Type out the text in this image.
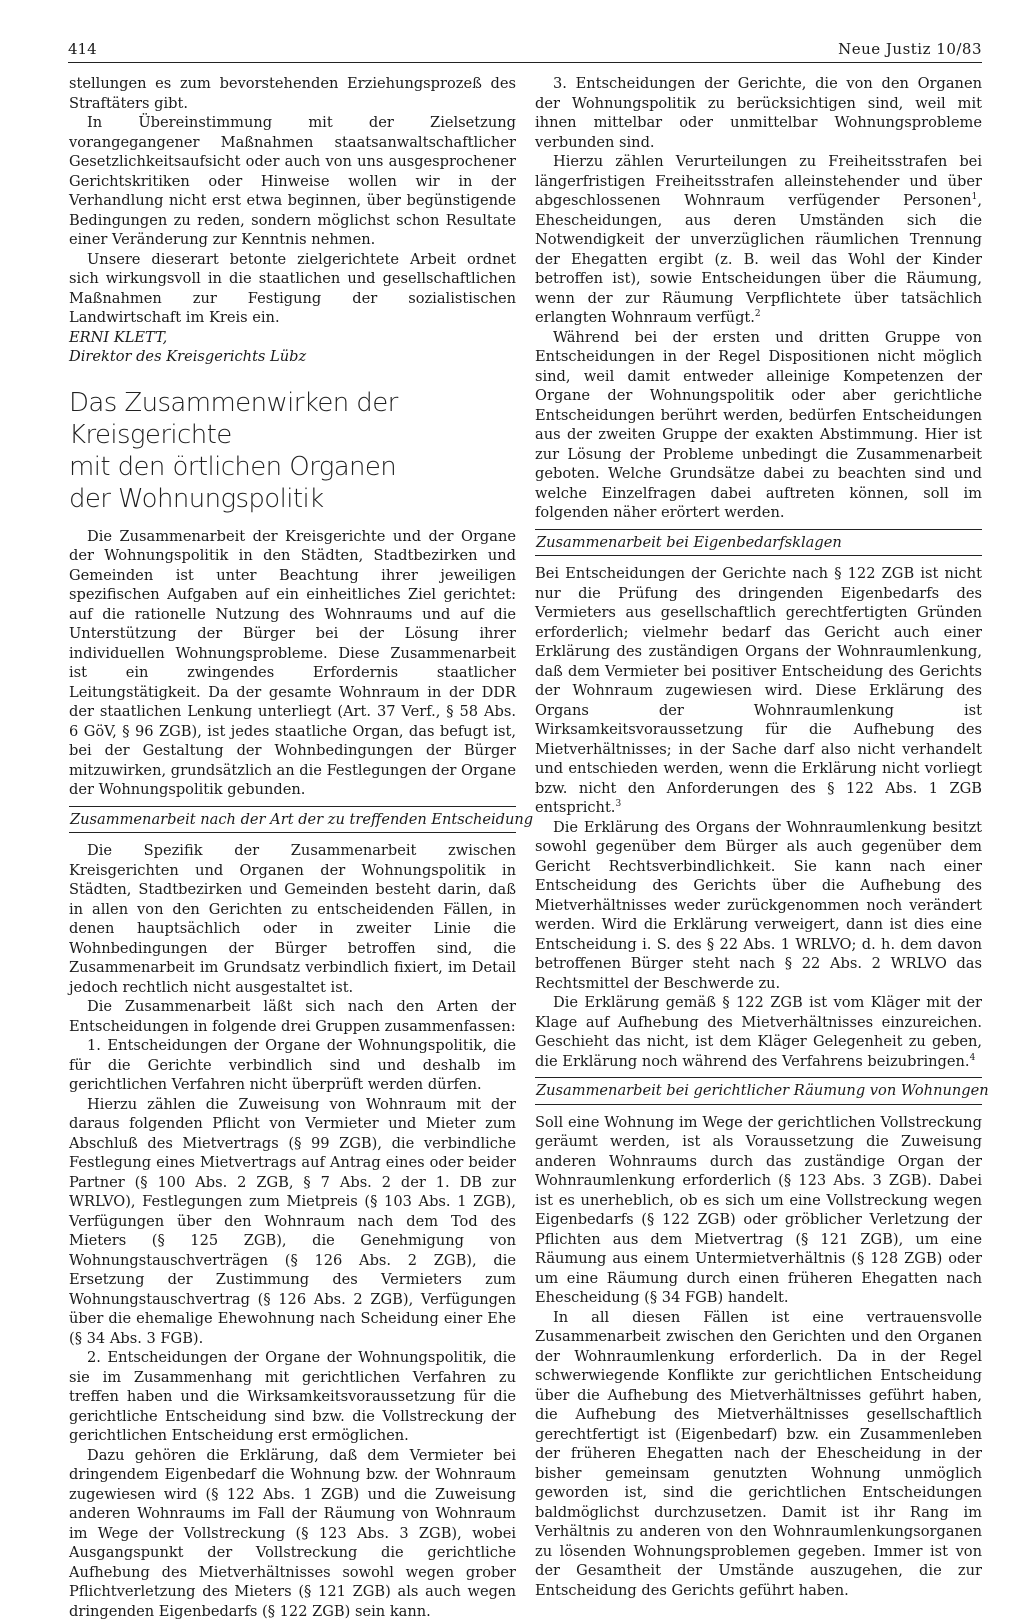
414	Neue Justiz 10/83

stellungen es zum bevorstehenden Erziehungsprozeß des Straftäters gibt.

In Übereinstimmung mit der Zielsetzung vorangegangener Maßnahmen staatsanwaltschaftlicher Gesetzlichkeitsaufsicht oder auch von uns ausgesprochener Gerichtskritiken oder Hinweise wollen wir in der Verhandlung nicht erst etwa beginnen, über begünstigende Bedingungen zu reden, sondern möglichst schon Resultate einer Veränderung zur Kenntnis nehmen.

Unsere dieserart betonte zielgerichtete Arbeit ordnet sich wirkungsvoll in die staatlichen und gesellschaftlichen Maßnahmen zur Festigung der sozialistischen Landwirtschaft im Kreis ein.

ERNI KLETT,

Direktor des Kreisgerichts Lübz

Das Zusammenwirken der Kreisgerichte
mit den örtlichen Organen
der Wohnungspolitik

Die Zusammenarbeit der Kreisgerichte und der Organe der Wohnungspolitik in den Städten, Stadtbezirken und Gemeinden ist unter Beachtung ihrer jeweiligen spezifischen Aufgaben auf ein einheitliches Ziel gerichtet: auf die rationelle Nutzung des Wohnraums und auf die Unterstützung der Bürger bei der Lösung ihrer individuellen Wohnungsprobleme. Diese Zusammenarbeit ist ein zwingendes Erfordernis staatlicher Leitungstätigkeit. Da der gesamte Wohnraum in der DDR der staatlichen Lenkung unterliegt (Art. 37 Verf., § 58 Abs. 6 GöV, § 96 ZGB), ist jedes staatliche Organ, das befugt ist, bei der Gestaltung der Wohnbedingungen der Bürger mitzuwirken, grundsätzlich an die Festlegungen der Organe der Wohnungspolitik gebunden.

Zusammenarbeit nach der Art der zu treffenden Entscheidung

Die Spezifik der Zusammenarbeit zwischen Kreisgerichten und Organen der Wohnungspolitik in Städten, Stadtbezirken und Gemeinden besteht darin, daß in allen von den Gerichten zu entscheidenden Fällen, in denen hauptsächlich oder in zweiter Linie die Wohnbedingungen der Bürger betroffen sind, die Zusammenarbeit im Grundsatz verbindlich fixiert, im Detail jedoch rechtlich nicht ausgestaltet ist.

Die Zusammenarbeit läßt sich nach den Arten der Entscheidungen in folgende drei Gruppen zusammenfassen:

1. Entscheidungen der Organe der Wohnungspolitik, die für die Gerichte verbindlich sind und deshalb im gerichtlichen Verfahren nicht überprüft werden dürfen.

Hierzu zählen die Zuweisung von Wohnraum mit der daraus folgenden Pflicht von Vermieter und Mieter zum Abschluß des Mietvertrags (§ 99 ZGB), die verbindliche Festlegung eines Mietvertrags auf Antrag eines oder beider Partner (§ 100 Abs. 2 ZGB, § 7 Abs. 2 der 1. DB zur WRLVO), Festlegungen zum Mietpreis (§ 103 Abs. 1 ZGB), Verfügungen über den Wohnraum nach dem Tod des Mieters (§ 125 ZGB), die Genehmigung von Wohnungstauschverträgen (§ 126 Abs. 2 ZGB), die Ersetzung der Zustimmung des Vermieters zum Wohnungstauschvertrag (§ 126 Abs. 2 ZGB), Verfügungen über die ehemalige Ehewohnung nach Scheidung einer Ehe (§ 34 Abs. 3 FGB).

2. Entscheidungen der Organe der Wohnungspolitik, die sie im Zusammenhang mit gerichtlichen Verfahren zu treffen haben und die Wirksamkeitsvoraussetzung für die gerichtliche Entscheidung sind bzw. die Vollstreckung der gerichtlichen Entscheidung erst ermöglichen.

Dazu gehören die Erklärung, daß dem Vermieter bei dringendem Eigenbedarf die Wohnung bzw. der Wohnraum zugewiesen wird (§ 122 Abs. 1 ZGB) und die Zuweisung anderen Wohnraums im Fall der Räumung von Wohnraum im Wege der Vollstreckung (§ 123 Abs. 3 ZGB), wobei Ausgangspunkt der Vollstreckung die gerichtliche Aufhebung des Mietverhältnisses sowohl wegen grober Pflichtverletzung des Mieters (§ 121 ZGB) als auch wegen dringenden Eigenbedarfs (§ 122 ZGB) sein kann.

3. Entscheidungen der Gerichte, die von den Organen der Wohnungspolitik zu berücksichtigen sind, weil mit ihnen mittelbar oder unmittelbar Wohnungsprobleme verbunden sind.

Hierzu zählen Verurteilungen zu Freiheitsstrafen bei längerfristigen Freiheitsstrafen alleinstehender und über abgeschlossenen Wohnraum verfügender Personen$^1$, Ehescheidungen, aus deren Umständen sich die Notwendigkeit der unverzüglichen räumlichen Trennung der Ehegatten ergibt (z. B. weil das Wohl der Kinder betroffen ist), sowie Entscheidungen über die Räumung, wenn der zur Räumung Verpflichtete über tatsächlich erlangten Wohnraum verfügt.$^2$

Während bei der ersten und dritten Gruppe von Entscheidungen in der Regel Dispositionen nicht möglich sind, weil damit entweder alleinige Kompetenzen der Organe der Wohnungspolitik oder aber gerichtliche Entscheidungen berührt werden, bedürfen Entscheidungen aus der zweiten Gruppe der exakten Abstimmung. Hier ist zur Lösung der Probleme unbedingt die Zusammenarbeit geboten. Welche Grundsätze dabei zu beachten sind und welche Einzelfragen dabei auftreten können, soll im folgenden näher erörtert werden.

Zusammenarbeit bei Eigenbedarfsklagen

Bei Entscheidungen der Gerichte nach § 122 ZGB ist nicht nur die Prüfung des dringenden Eigenbedarfs des Vermieters aus gesellschaftlich gerechtfertigten Gründen erforderlich; vielmehr bedarf das Gericht auch einer Erklärung des zuständigen Organs der Wohnraumlenkung, daß dem Vermieter bei positiver Entscheidung des Gerichts der Wohnraum zugewiesen wird. Diese Erklärung des Organs der Wohnraumlenkung ist Wirksamkeitsvoraussetzung für die Aufhebung des Mietverhältnisses; in der Sache darf also nicht verhandelt und entschieden werden, wenn die Erklärung nicht vorliegt bzw. nicht den Anforderungen des § 122 Abs. 1 ZGB entspricht.$^3$

Die Erklärung des Organs der Wohnraumlenkung besitzt sowohl gegenüber dem Bürger als auch gegenüber dem Gericht Rechtsverbindlichkeit. Sie kann nach einer Entscheidung des Gerichts über die Aufhebung des Mietverhältnisses weder zurückgenommen noch verändert werden. Wird die Erklärung verweigert, dann ist dies eine Entscheidung i. S. des § 22 Abs. 1 WRLVO; d. h. dem davon betroffenen Bürger steht nach § 22 Abs. 2 WRLVO das Rechtsmittel der Beschwerde zu.

Die Erklärung gemäß § 122 ZGB ist vom Kläger mit der Klage auf Aufhebung des Mietverhältnisses einzureichen. Geschieht das nicht, ist dem Kläger Gelegenheit zu geben, die Erklärung noch während des Verfahrens beizubringen.$^4$

Zusammenarbeit bei gerichtlicher Räumung von Wohnungen

Soll eine Wohnung im Wege der gerichtlichen Vollstreckung geräumt werden, ist als Voraussetzung die Zuweisung anderen Wohnraums durch das zuständige Organ der Wohnraumlenkung erforderlich (§ 123 Abs. 3 ZGB). Dabei ist es unerheblich, ob es sich um eine Vollstreckung wegen Eigenbedarfs (§ 122 ZGB) oder gröblicher Verletzung der Pflichten aus dem Mietvertrag (§ 121 ZGB), um eine Räumung aus einem Untermietverhältnis (§ 128 ZGB) oder um eine Räumung durch einen früheren Ehegatten nach Ehescheidung (§ 34 FGB) handelt.

In all diesen Fällen ist eine vertrauensvolle Zusammenarbeit zwischen den Gerichten und den Organen der Wohnraumlenkung erforderlich. Da in der Regel schwerwiegende Konflikte zur gerichtlichen Entscheidung über die Aufhebung des Mietverhältnisses geführt haben, die Aufhebung des Mietverhältnisses gesellschaftlich gerechtfertigt ist (Eigenbedarf) bzw. ein Zusammenleben der früheren Ehegatten nach der Ehescheidung in der bisher gemeinsam genutzten Wohnung unmöglich geworden ist, sind die gerichtlichen Entscheidungen baldmöglichst durchzusetzen. Damit ist ihr Rang im Verhältnis zu anderen von den Wohnraumlenkungsorganen zu lösenden Wohnungsproblemen gegeben. Immer ist von der Gesamtheit der Umstände auszugehen, die zur Entscheidung des Gerichts geführt haben.
